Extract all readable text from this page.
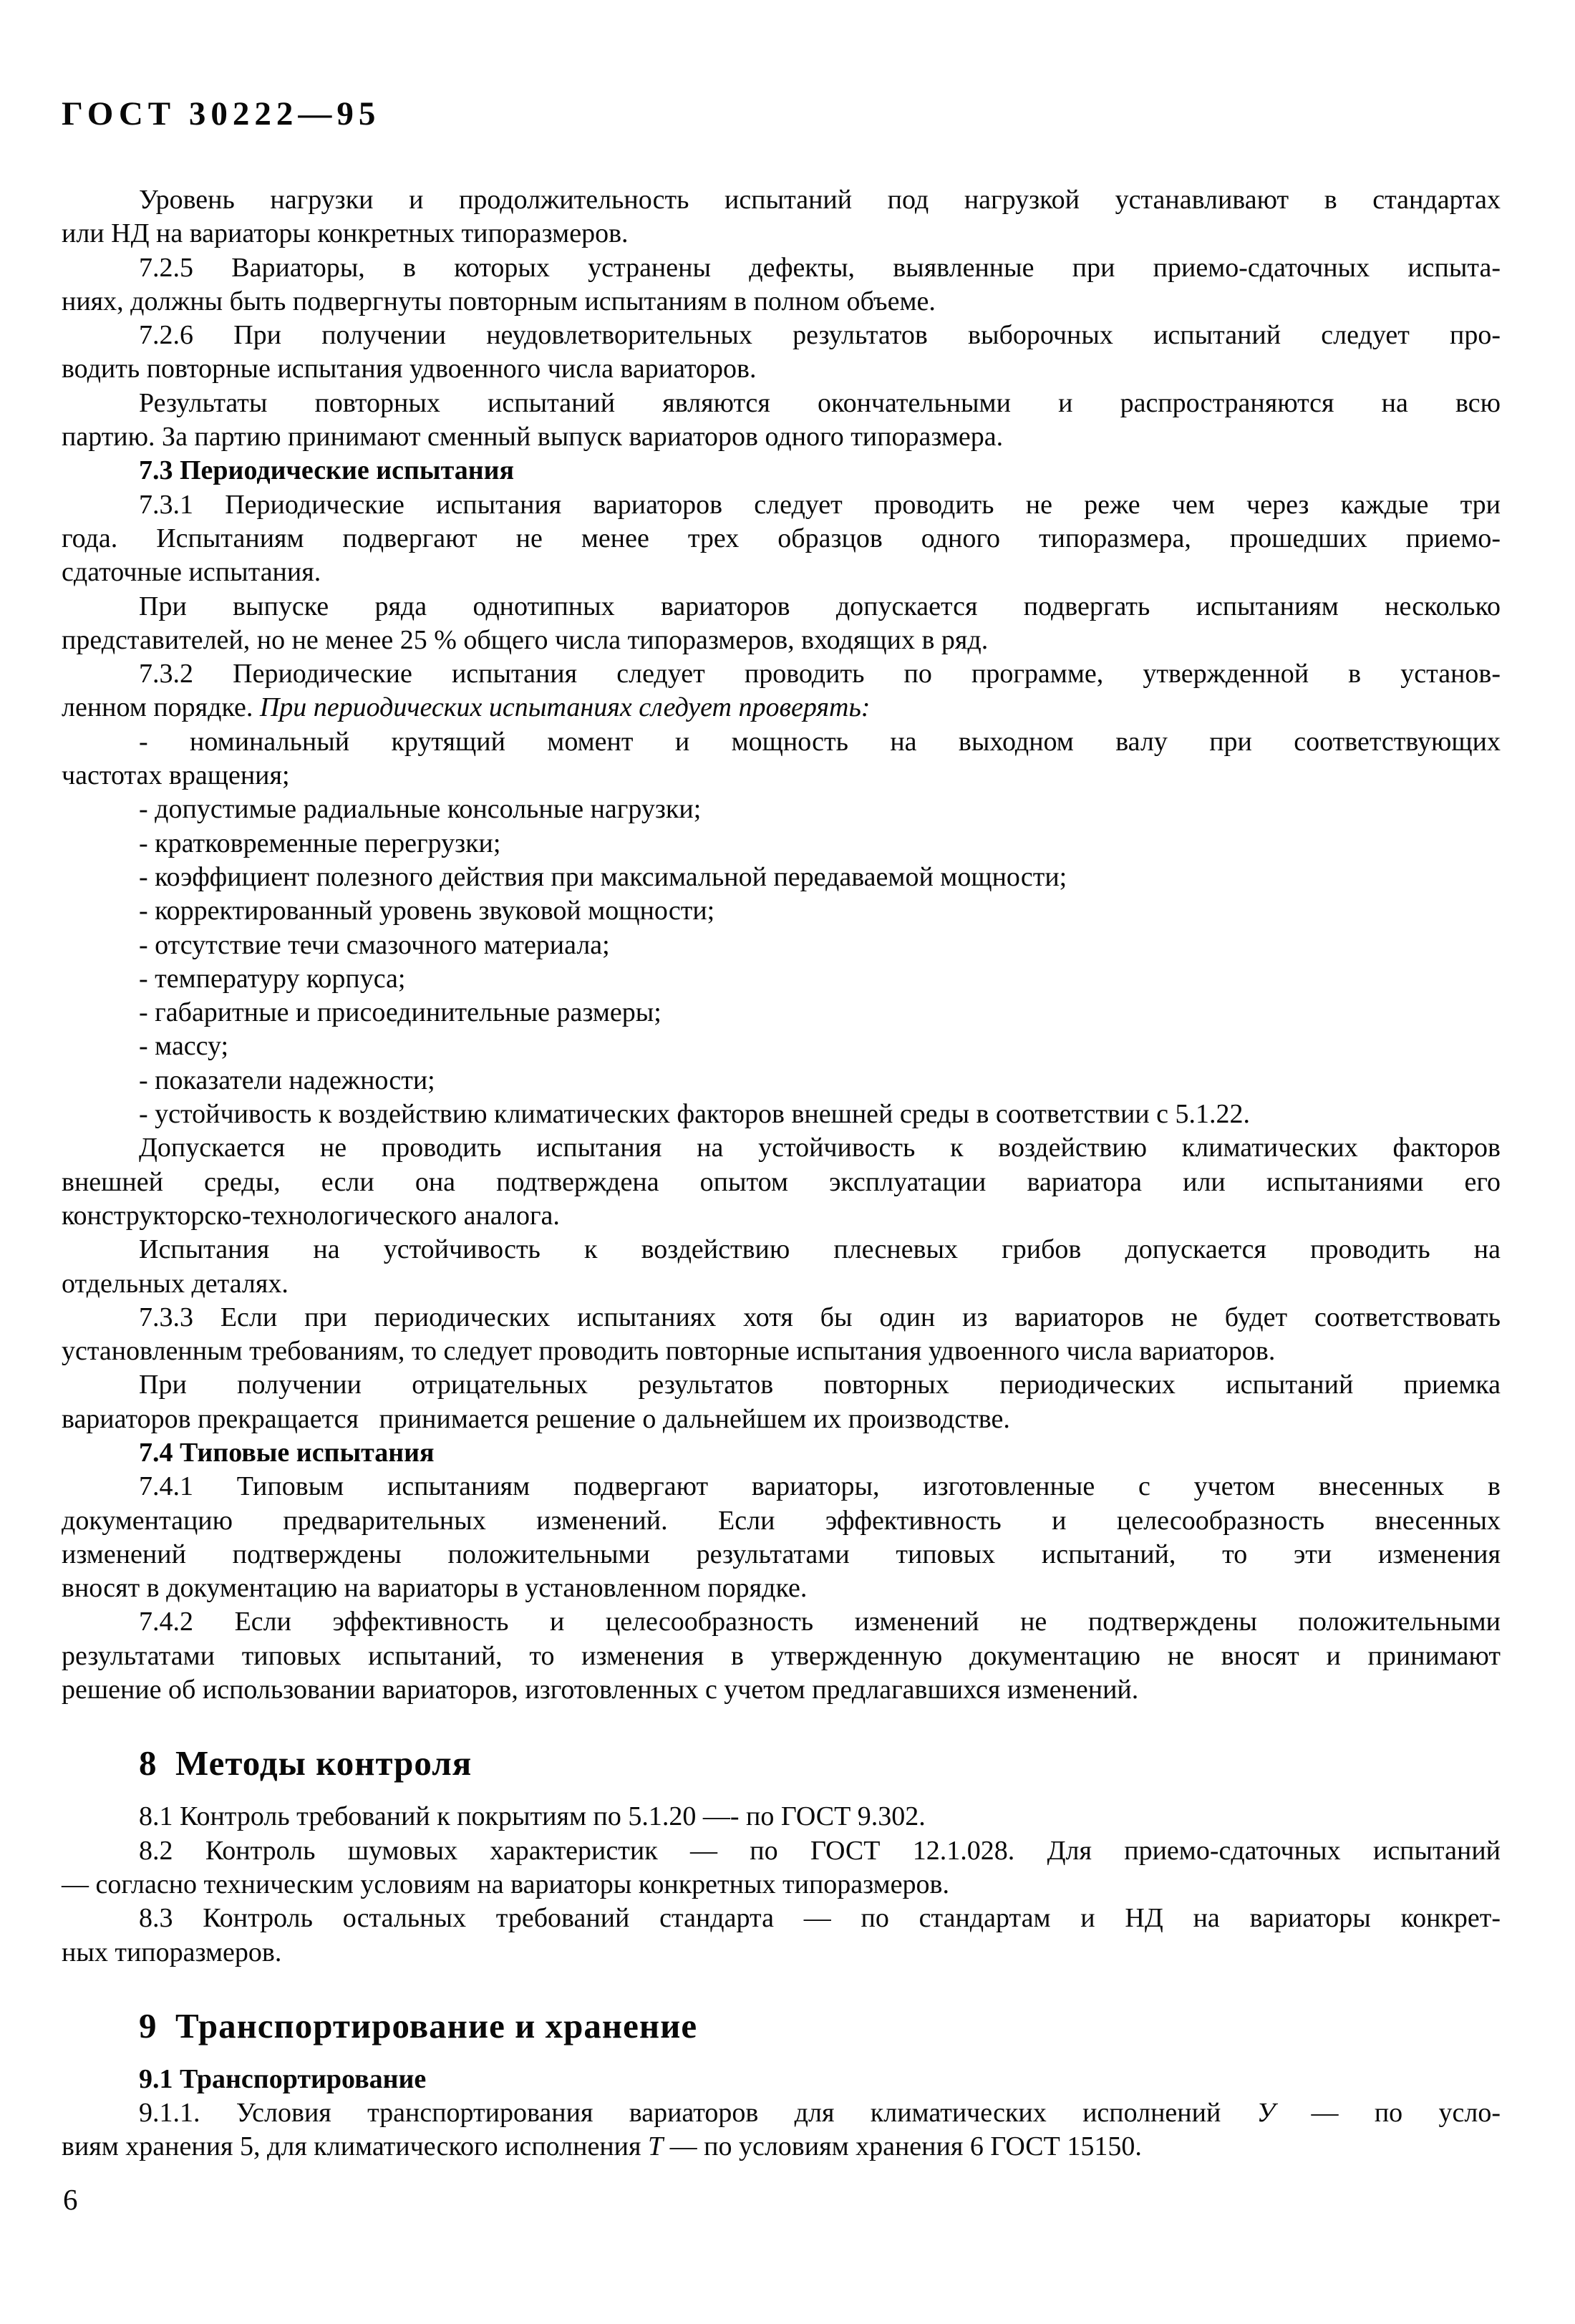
ГОСТ 30222—95
Уровень нагрузки и продолжительность испытаний под нагрузкой устанавливают в стандартах
или НД на вариаторы конкретных типоразмеров.
7.2.5 Вариаторы, в которых устранены дефекты, выявленные при приемо-сдаточных испыта-
ниях, должны быть подвергнуты повторным испытаниям в полном объеме.
7.2.6 При получении неудовлетворительных результатов выборочных испытаний следует про-
водить повторные испытания удвоенного числа вариаторов.
Результаты повторных испытаний являются окончательными и распространяются на всю
партию. За партию принимают сменный выпуск вариаторов одного типоразмера.
7.3 Периодические испытания
7.3.1 Периодические испытания вариаторов следует проводить не реже чем через каждые три
года. Испытаниям подвергают не менее трех образцов одного типоразмера, прошедших приемо-
сдаточные испытания.
При выпуске ряда однотипных вариаторов допускается подвергать испытаниям несколько
представителей, но не менее 25 % общего числа типоразмеров, входящих в ряд.
7.3.2 Периодические испытания следует проводить по программе, утвержденной в установ-
ленном порядке. При периодических испытаниях следует проверять:
- номинальный крутящий момент и мощность на выходном валу при соответствующих
частотах вращения;
- допустимые радиальные консольные нагрузки;
- кратковременные перегрузки;
- коэффициент полезного действия при максимальной передаваемой мощности;
- корректированный уровень звуковой мощности;
- отсутствие течи смазочного материала;
- температуру корпуса;
- габаритные и присоединительные размеры;
- массу;
- показатели надежности;
- устойчивость к воздействию климатических факторов внешней среды в соответствии с 5.1.22.
Допускается не проводить испытания на устойчивость к воздействию климатических факторов
внешней среды, если она подтверждена опытом эксплуатации вариатора или испытаниями его
конструкторско-технологического аналога.
Испытания на устойчивость к воздействию плесневых грибов допускается проводить на
отдельных деталях.
7.3.3 Если при периодических испытаниях хотя бы один из вариаторов не будет соответствовать
установленным требованиям, то следует проводить повторные испытания удвоенного числа вариаторов.
При получении отрицательных результатов повторных периодических испытаний приемка
вариаторов прекращается  принимается решение о дальнейшем их производстве.
7.4 Типовые испытания
7.4.1 Типовым испытаниям подвергают вариаторы, изготовленные с учетом внесенных в
документацию предварительных изменений. Если эффективность и целесообразность внесенных
изменений подтверждены положительными результатами типовых испытаний, то эти изменения
вносят в документацию на вариаторы в установленном порядке.
7.4.2 Если эффективность и целесообразность изменений не подтверждены положительными
результатами типовых испытаний, то изменения в утвержденную документацию не вносят и принимают
решение об использовании вариаторов, изготовленных с учетом предлагавшихся изменений.
8 Методы контроля
8.1 Контроль требований к покрытиям по 5.1.20 —- по ГОСТ 9.302.
8.2 Контроль шумовых характеристик — по ГОСТ 12.1.028. Для приемо-сдаточных испытаний
— согласно техническим условиям на вариаторы конкретных типоразмеров.
8.3 Контроль остальных требований стандарта — по стандартам и НД на вариаторы конкрет-
ных типоразмеров.
9 Транспортирование и хранение
9.1 Транспортирование
9.1.1. Условия транспортирования вариаторов для климатических исполнений У — по усло-
виям хранения 5, для климатического исполнения Т — по условиям хранения 6 ГОСТ 15150.
6
